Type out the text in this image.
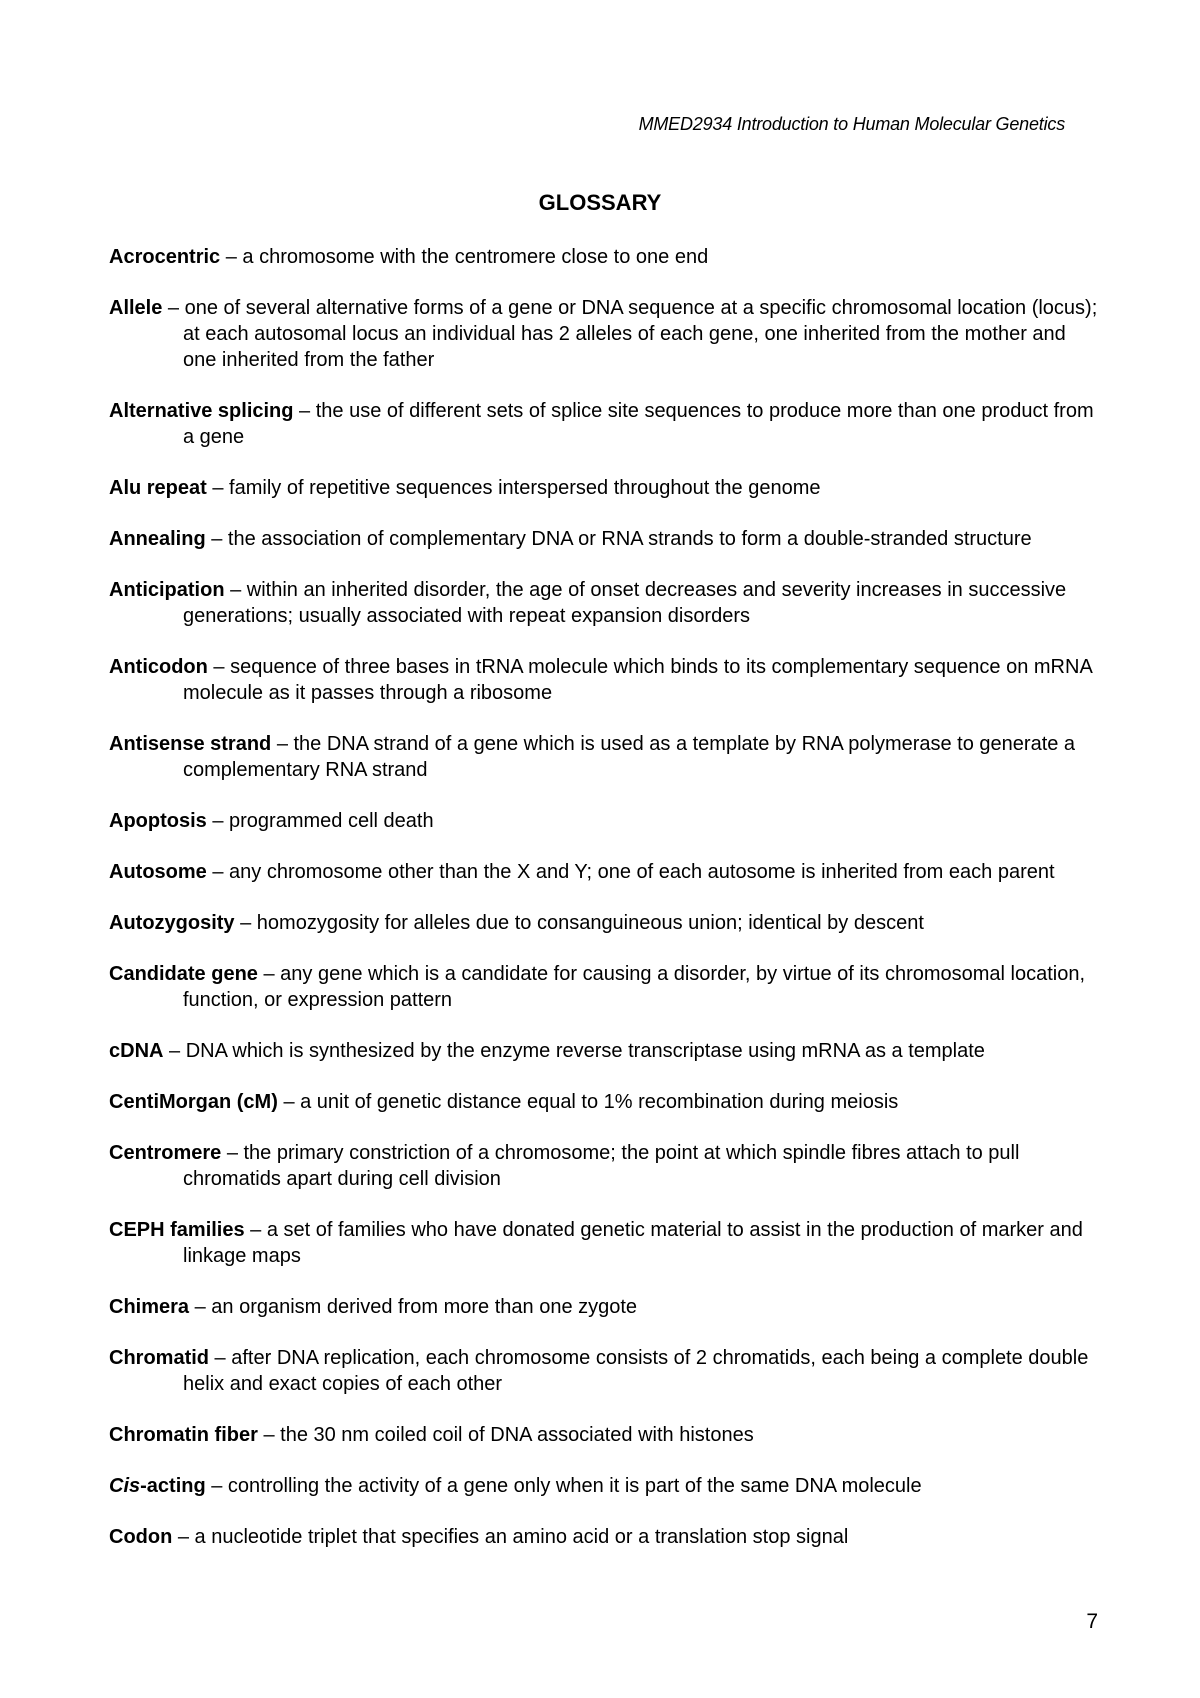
MMED2934 Introduction to Human Molecular Genetics
GLOSSARY
Acrocentric – a chromosome with the centromere close to one end
Allele – one of several alternative forms of a gene or DNA sequence at a specific chromosomal location (locus); at each autosomal locus an individual has 2 alleles of each gene, one inherited from the mother and one inherited from the father
Alternative splicing – the use of different sets of splice site sequences to produce more than one product from a gene
Alu repeat – family of repetitive sequences interspersed throughout the genome
Annealing – the association of complementary DNA or RNA strands to form a double-stranded structure
Anticipation – within an inherited disorder, the age of onset decreases and severity increases in successive generations; usually associated with repeat expansion disorders
Anticodon – sequence of three bases in tRNA molecule which binds to its complementary sequence on mRNA molecule as it passes through a ribosome
Antisense strand – the DNA strand of a gene which is used as a template by RNA polymerase to generate a complementary RNA strand
Apoptosis – programmed cell death
Autosome – any chromosome other than the X and Y; one of each autosome is inherited from each parent
Autozygosity – homozygosity for alleles due to consanguineous union; identical by descent
Candidate gene – any gene which is a candidate for causing a disorder, by virtue of its chromosomal location, function, or expression pattern
cDNA – DNA which is synthesized by the enzyme reverse transcriptase using mRNA as a template
CentiMorgan (cM) – a unit of genetic distance equal to 1% recombination during meiosis
Centromere – the primary constriction of a chromosome; the point at which spindle fibres attach to pull chromatids apart during cell division
CEPH families – a set of families who have donated genetic material to assist in the production of marker and linkage maps
Chimera – an organism derived from more than one zygote
Chromatid – after DNA replication, each chromosome consists of 2 chromatids, each being a complete double helix and exact copies of each other
Chromatin fiber – the 30 nm coiled coil of DNA associated with histones
Cis-acting – controlling the activity of a gene only when it is part of the same DNA molecule
Codon – a nucleotide triplet that specifies an amino acid or a translation stop signal
7
